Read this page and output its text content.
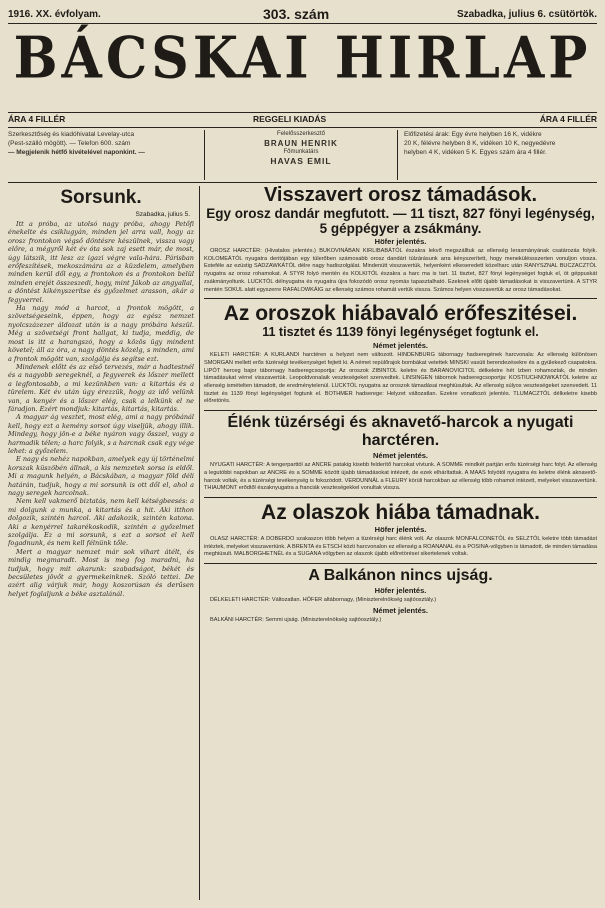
1916. XX. évfolyam.	303. szám	Szabadka, julius 6. csütörtök.
BÁCSKAI HIRLAP
ÁRA 4 FILLÉR	REGGELI KIADÁS	ÁRA 4 FILLÉR
Szerkesztőség és kiadóhivatal Levelay-utca
(Pest-szálló mögött). — Telefon 600. szám
— Megjelenik hétfő kivételével naponkint. —
Felelősszerkesztő
BRAUN HENRIK
Főmunkatárs
HAVAS EMIL
Előfizetési árak: Egy évre helyben 16 K, vidékre
20 K, félévre helyben 8 K, vidéken 10 K, negyedévre
helyben 4 K, vidéken 5 K. Egyes szám ára 4 fillér.
Sorsunk.
Szabadka, julius 5.

Itt a próba, az utolsó nagy próba, ahogy Petőfi énekelte és csiklugyán, minden jel arra vall, hogy az orosz frontokon végső döntésre készülnek, vissza vagy előre, a mégyről két év óta sok zaj esett már, de most, úgy látszik, itt lesz az igazi végre vala-hára. Párisban erőfeszítések, mekoszámára az a küzdelem, amelyben minden kerül dől egy, a frontokon és a frontokon belül minden erejét összeszedi, hogy, mint Jákob az angyallal, a döntést kikényszerítse és győzelmet arasson, akár a fegyverrel.

Ha nagy mód a harcot, a frontok mögött, a szövetségeseink, éppen, hogy az egész nemzet nyolcszázezer áldozat után is a nagy próbára készül. Még a szövetségi front hallgat, ki tudja, meddig, de most is itt a harangszó, hogy a közös ügy mindent követel; áll az óra, a nagy döntés közelg, s minden, ami a frontok mögött van, szolgálja és segítse ezt.

Mindenek előtt és az első tervezés, már a hadtestnél és a nagyobb seregeknél, a fegyverek és lőszer mellett a legfontosabb, a mi kezünkben van: a kitartás és a türelem. Két év után úgy érezzük, hogy az idő velünk van, a kenyér és a lőszer elég, csak a lelkünk el ne fáradjon. Ezért mondjuk: kitartás, kitartás, kitartás.

A magyar ág vesztet, most elég, ami a nagy próbánál kell, hogy ezt a kemény sorsot úgy viseljük, ahogy illik. Mindegy, hogy jön-e a béke nyáron vagy ősszel, vagy a harmadik télen; a harc folyik, s a harcnak csak egy vége lehet: a győzelem.

E nagy és nehéz napokban, amelyek egy új történelmi korszak küszöbén állnak, a kis nemzetek sorsa is eldől. Mi a magunk helyén, a Bácskában, a magyar föld déli határán, tudjuk, hogy a mi sorsunk is ott dől el, ahol a nagy seregek harcolnak.

Nem kell vakmerő biztatás, nem kell kétségbeesés: a mi dolgunk a munka, a kitartás és a hit. Aki itthon dolgozik, szintén harcol. Aki adakozik, szintén katona. Aki a kenyérrel takarékoskodik, szintén a győzelmet szolgálja. Ez a mi sorsunk, s ezt a sorsot el kell fogadnunk, és nem kell félnünk tőle.

Mert a magyar nemzet már sok vihart átélt, és mindig megmaradt. Most is meg fog maradni, ha tudjuk, hogy mit akarunk: szabadságot, békét és becsületes jövőt a gyermekeinknek. Szóló tettei. De azért alig várjuk már, hogy koszorúsan és derűsen helyet foglaljunk a béke asztalánál.

Visszavert orosz támadások.
Egy orosz dandár megfutott. — 11 tiszt, 827 fönyi legénység, 5 géppégyer a zsákmány.
Höfer jelentés.

OROSZ HARCTÉR: (Hivatalos jelentés.) BUKOVINÁBAN KIRLIBABÁTÓL északra lekvő megszálltuk az ellenség leraxmányának csatározás folyik. KOLOMEÁTÓL nyugatra deritójában egy túlerőben számosabb orosz dandárt túlzárásunk arra kényszerített, hogy meneküléssszerten vonuljon vissza. Esteféle az ezüstig SADZAWKÁTÓL délre nagy hadiszolgálat. Mindenütt visszavertük, helyenként elkeseredett közelharc után RANYSZNAL BUCZACZTÓL nyugatra az orosz rohamokat. A STYR folyó mentén és KOLKITÓL északra a harc ma is tart. 11 tisztet, 827 fönyi legénységet fogtuk el, öt géppuskát zsákmányoltunk. LUCKTÓL délnyugatra és nyugatra újra fokozódó orosz nyomás tapasztalható. Ezeknek előtt újabb támadásokat is visszavertünk. A STYR mentén SOKUL alatt egyszerre RAFALOWKÁIG az ellenség számos rohamát vertük vissza. Számos helyen visszavertük az orosz támadásokat.

Az oroszok hiábavaló erőfeszitései.
11 tisztet és 1139 fönyi legénységet fogtunk el.
Német jelentés.

KELETI HARCTÉR: A KURLANDI harctéren a helyzet nem változott. HINDENBURG tábornagy hadseregének harcvonala: Az ellenség különösen SMORGAN mellett erős tüzérségi tevékenységet fejtett ki. A német repülőrajok bombákat vetettek MINSKI vasúti berendezésekre és a gyülekező csapatokra. LIPÓT herceg bajor tábornagy hadseregcsoportja: Az oroszok ZIBINTOL keletre és BARANOVICITOL délkeletre hét ízben rohamoztak, de minden támadásukat vérrel visszavertük. Leopoldvonalaik veszteségeket szenvedtek. LINSINGEN tábornok hadseregcsoportja: KOSTIUCHNOWKÁTÓL keletre az ellenség ismételten támadott, de eredménytelenül. LUCKTÓL nyugatra az oroszok támadásai meghiúsultak. Az ellenség súlyos veszteségeket szenvedett. 11 tisztet és 1139 fönyi legénységet fogtunk el. BOTHMER hadserege: Helyzet változatlan. Ezekre vonatkozó jelentés. TLUMACZTÓL délkeletre kisebb előretörés.

Élénk tüzérségi és aknavető-harcok a nyugati harctéren.
Német jelentés.

NYUGATI HARCTÉR: A tengerparttól az ANCRE patakig kisebb felderítő harcokat vívtunk. A SOMME mindkét partján erős tüzérségi harc folyt. Az ellenség a legutóbbi napokban az ANCRE és a SOMME között újabb támadásokat intézett, de ezek elhárítattak. A MAAS folyótól nyugatra és keletre élénk aknavető-harcok voltak, és a tüzérségi tevékenység is fokozódott. VERDUNNÁL a FLEURY körüli harcokban az ellenség több rohamot intézett, melyeket visszavertünk. THIAUMONT erődtől északnyugatra a franciák veszteségekkel vonultak vissza.

Az olaszok hiába támadnak.
Höfer jelentés.

OLASZ HARCTÉR: A DOBERDO szakaszon több helyen a tüzérségi harc élénk volt. Az olaszok MONFALCONETÓL és SELZTÓL keletre több támadást intéztek, melyeket visszavertünk. A BRENTA és ETSCH közti harcvonalon ez ellenség a ROANANAL és a POSINA-völgyben is támadott, de minden támadása meghiúsult. MALBORGHETNÉL és a SUGANA völgyben az olaszok újabb előretörései sikertelenek voltak.

A Balkánon nincs ujság.
Höfer jelentés.

DÉLKELETI HARCTÉR: Változatlan. HÖFER altábornagy, (Miniszterelnökség sajtóosztály.)

Német jelentés.

BALKÁNI HARCTÉR: Semmi ujság. (Miniszterelnökség sajtóosztály.)
